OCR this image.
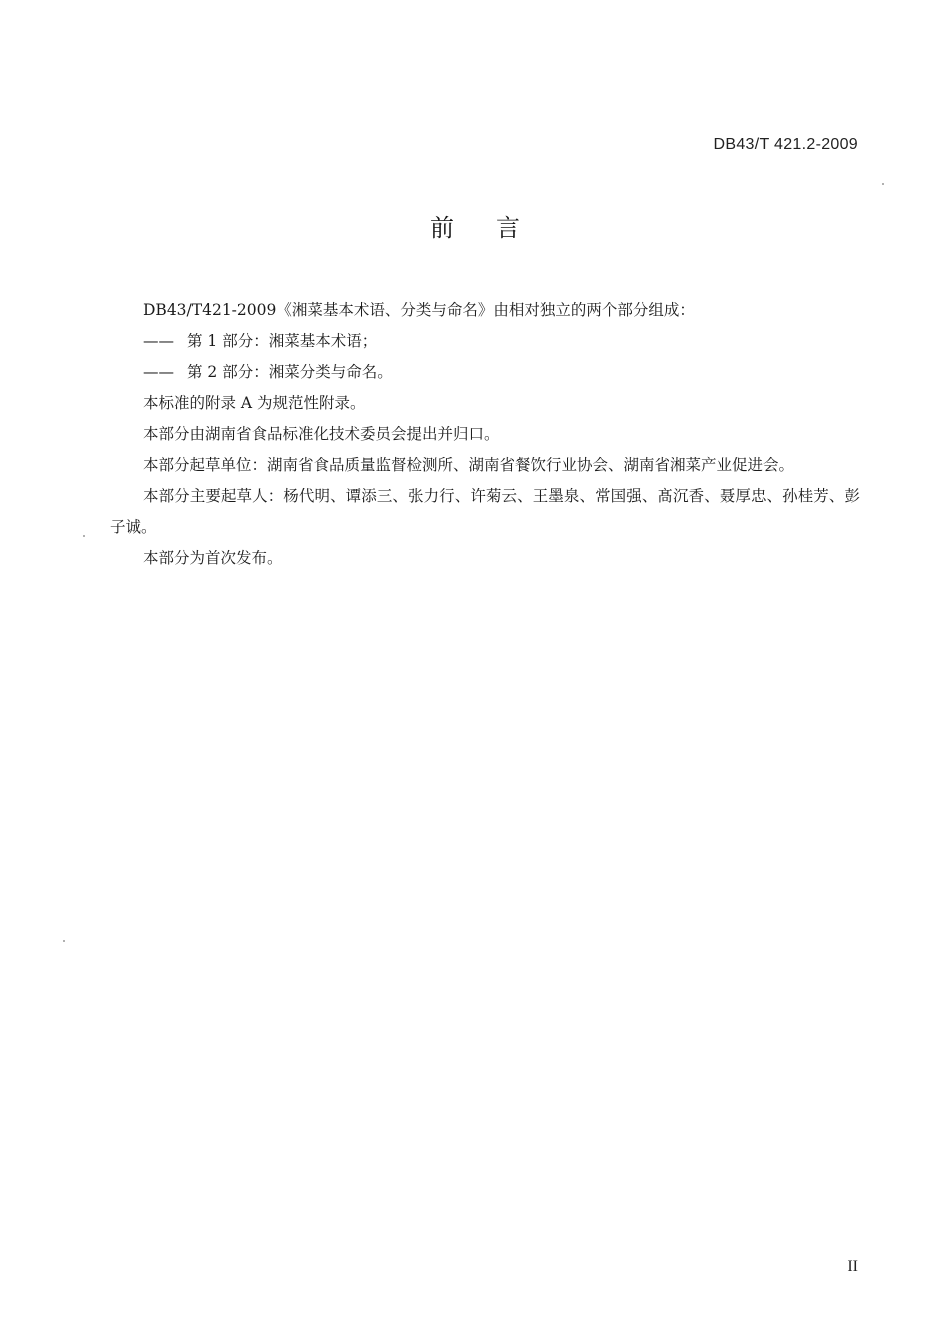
DB43/T 421.2-2009
前言

DB43/T421-2009《湘菜基本术语、分类与命名》由相对独立的两个部分组成：

—— 第 1 部分：湘菜基本术语；

—— 第 2 部分：湘菜分类与命名。

本标准的附录 A 为规范性附录。

本部分由湖南省食品标准化技术委员会提出并归口。

本部分起草单位：湖南省食品质量监督检测所、湖南省餐饮行业协会、湖南省湘菜产业促进会。

本部分主要起草人：杨代明、谭添三、张力行、许菊云、王墨泉、常国强、髙沉香、聂厚忠、孙桂芳、彭子诚。

本部分为首次发布。

II
